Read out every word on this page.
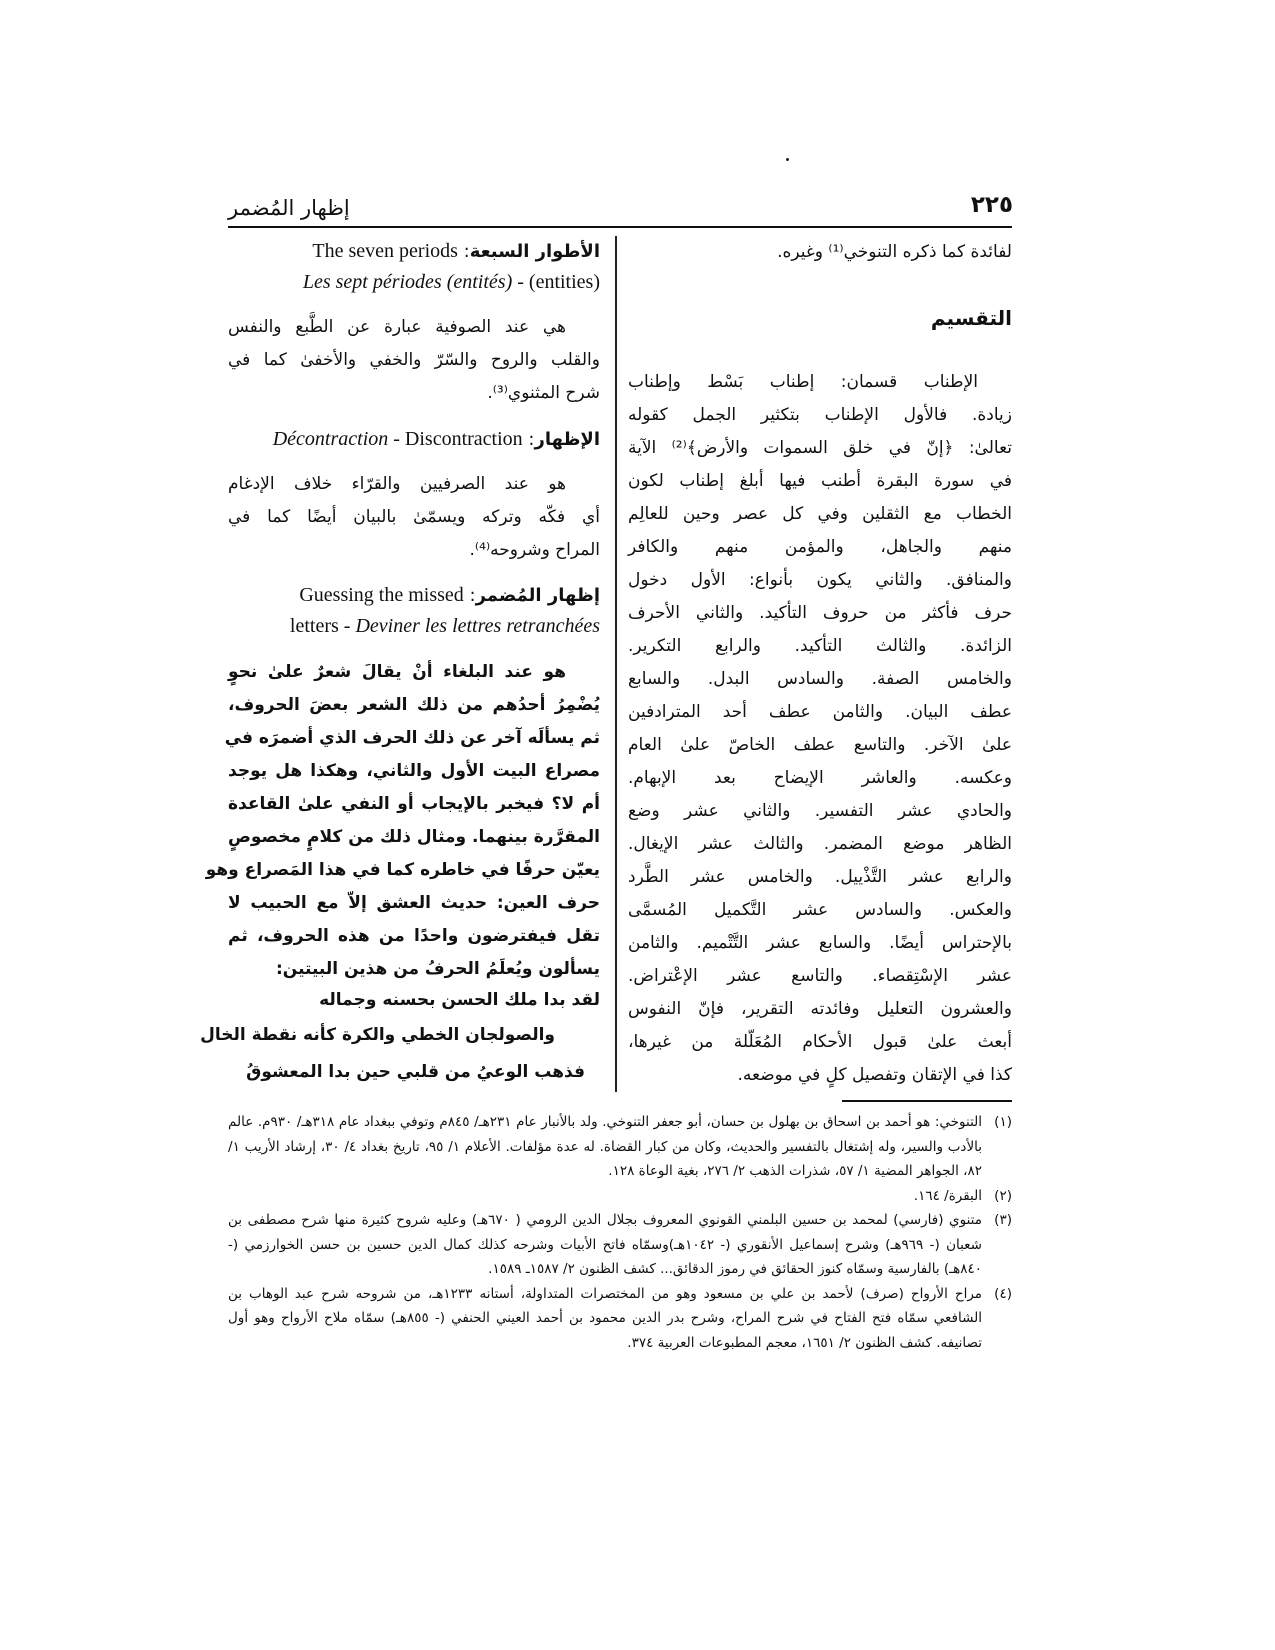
إظهار المُضمر	٢٢٥
لفائدة كما ذكره التنوخي⁽¹⁾ وغيره.
التقسيم
الإطناب قسمان: إطناب بَسْط وإطناب
زيادة. فالأول الإطناب بتكثير الجمل كقوله
تعالىٰ: ﴿إنّ في خلق السموات والأرض﴾⁽²⁾ الآية
في سورة البقرة أطنب فيها أبلغ إطناب لكون
الخطاب مع الثقلين وفي كل عصر وحين للعالِم
منهم والجاهل، والمؤمن منهم والكافر
والمنافق. والثاني يكون بأنواع: الأول دخول
حرف فأكثر من حروف التأكيد. والثاني الأحرف
الزائدة. والثالث التأكيد. والرابع التكرير.
والخامس الصفة. والسادس البدل. والسابع
عطف البيان. والثامن عطف أحد المترادفين
علىٰ الآخر. والتاسع عطف الخاصّ علىٰ العام
وعكسه. والعاشر الإيضاح بعد الإبهام.
والحادي عشر التفسير. والثاني عشر وضع
الظاهر موضع المضمر. والثالث عشر الإيغال.
والرابع عشر التَّذْييل. والخامس عشر الطَّرد
والعكس. والسادس عشر التَّكميل المُسمَّى
بالإحتراس أيضًا. والسابع عشر التَّتْميم. والثامن
عشر الإسْتِقصاء. والتاسع عشر الإعْتراض.
والعشرون التعليل وفائدته التقرير، فإنّ النفوس
أبعث علىٰ قبول الأحكام المُعَلّلة من غيرها،
كذا في الإتقان وتفصيل كلٍ في موضعه.
الأطوار السبعة: The seven periods
(entities) - Les sept périodes (entités)
هي عند الصوفية عبارة عن الطَّبع والنفس
والقلب والروح والسّرّ والخفي والأخفىٰ كما في
شرح المثنوي⁽³⁾.
الإظهار: Discontraction - Décontraction
هو عند الصرفيين والقرّاء خلاف الإدغام
أي فكّه وتركه ويسمّىٰ بالبيان أيضًا كما في
المراح وشروحه⁽⁴⁾.
إظهار المُضمر: Guessing the missed
letters - Deviner les lettres retranchées
هو عند البلغاء أنْ يقالَ شعرٌ علىٰ نحوٍ
يُضْمِرُ أحدُهم من ذلك الشعر بعضَ الحروف،
ثم يسألَه آخر عن ذلك الحرف الذي أضمرَه في
مصراع البيت الأول والثاني، وهكذا هل يوجد
أم لا؟ فيخبر بالإيجاب أو النفي علىٰ القاعدة
المقرَّرة بينهما. ومثال ذلك من كلامٍ مخصوصٍ
يعيّن حرفًا في خاطره كما في هذا المَصراع وهو
حرف العين: حديث العشق إلاّ مع الحبيب لا
تقل فيفترضون واحدًا من هذه الحروف، ثم
يسألون ويُعلَمُ الحرفُ من هذين البيتين:
لقد بدا ملك الحسن بحسنه وجماله
والصولجان الخطي والكرة كأنه نقطة الخال
فذهب الوعيُ من قلبي حين بدا المعشوقُ
(١)
التنوخي: هو أحمد بن اسحاق بن بهلول بن حسان، أبو جعفر التنوخي. ولد بالأنبار عام ٢٣١هـ/ ٨٤٥م وتوفي ببغداد عام ٣١٨هـ/ ٩٣٠م. عالم بالأدب والسير، وله إشتغال بالتفسير والحديث، وكان من كبار القضاة. له عدة مؤلفات. الأعلام ١/ ٩٥، تاريخ بغداد ٤/ ٣٠، إرشاد الأريب ١/ ٨٢، الجواهر المضية ١/ ٥٧، شذرات الذهب ٢/ ٢٧٦، بغية الوعاة ١٢٨.
(٢)
البقرة/ ١٦٤.
(٣)
متنوي (فارسي) لمحمد بن حسين البلمني القونوي المعروف بجلال الدين الرومي ( ٦٧٠هـ) وعليه شروح كثيرة منها شرح مصطفى بن شعبان (- ٩٦٩هـ) وشرح إسماعيل الأنقوري (- ١٠٤٢هـ)وسمّاه فاتح الأبيات وشرحه كذلك كمال الدين حسين بن حسن الخوارزمي (- ٨٤٠هـ) بالفارسية وسمّاه كنوز الحقائق في رموز الدقائق... كشف الظنون ٢/ ١٥٨٧ـ ١٥٨٩.
(٤)
مراح الأرواح (صرف) لأحمد بن علي بن مسعود وهو من المختصرات المتداولة، أستانه ١٢٣٣هـ، من شروحه شرح عبد الوهاب بن الشافعي سمّاه فتح الفتاح في شرح المراح، وشرح بدر الدين محمود بن أحمد العيني الحنفي (- ٨٥٥هـ) سمّاه ملاح الأرواح وهو أول تصانيفه. كشف الظنون ٢/ ١٦٥١، معجم المطبوعات العربية ٣٧٤.
